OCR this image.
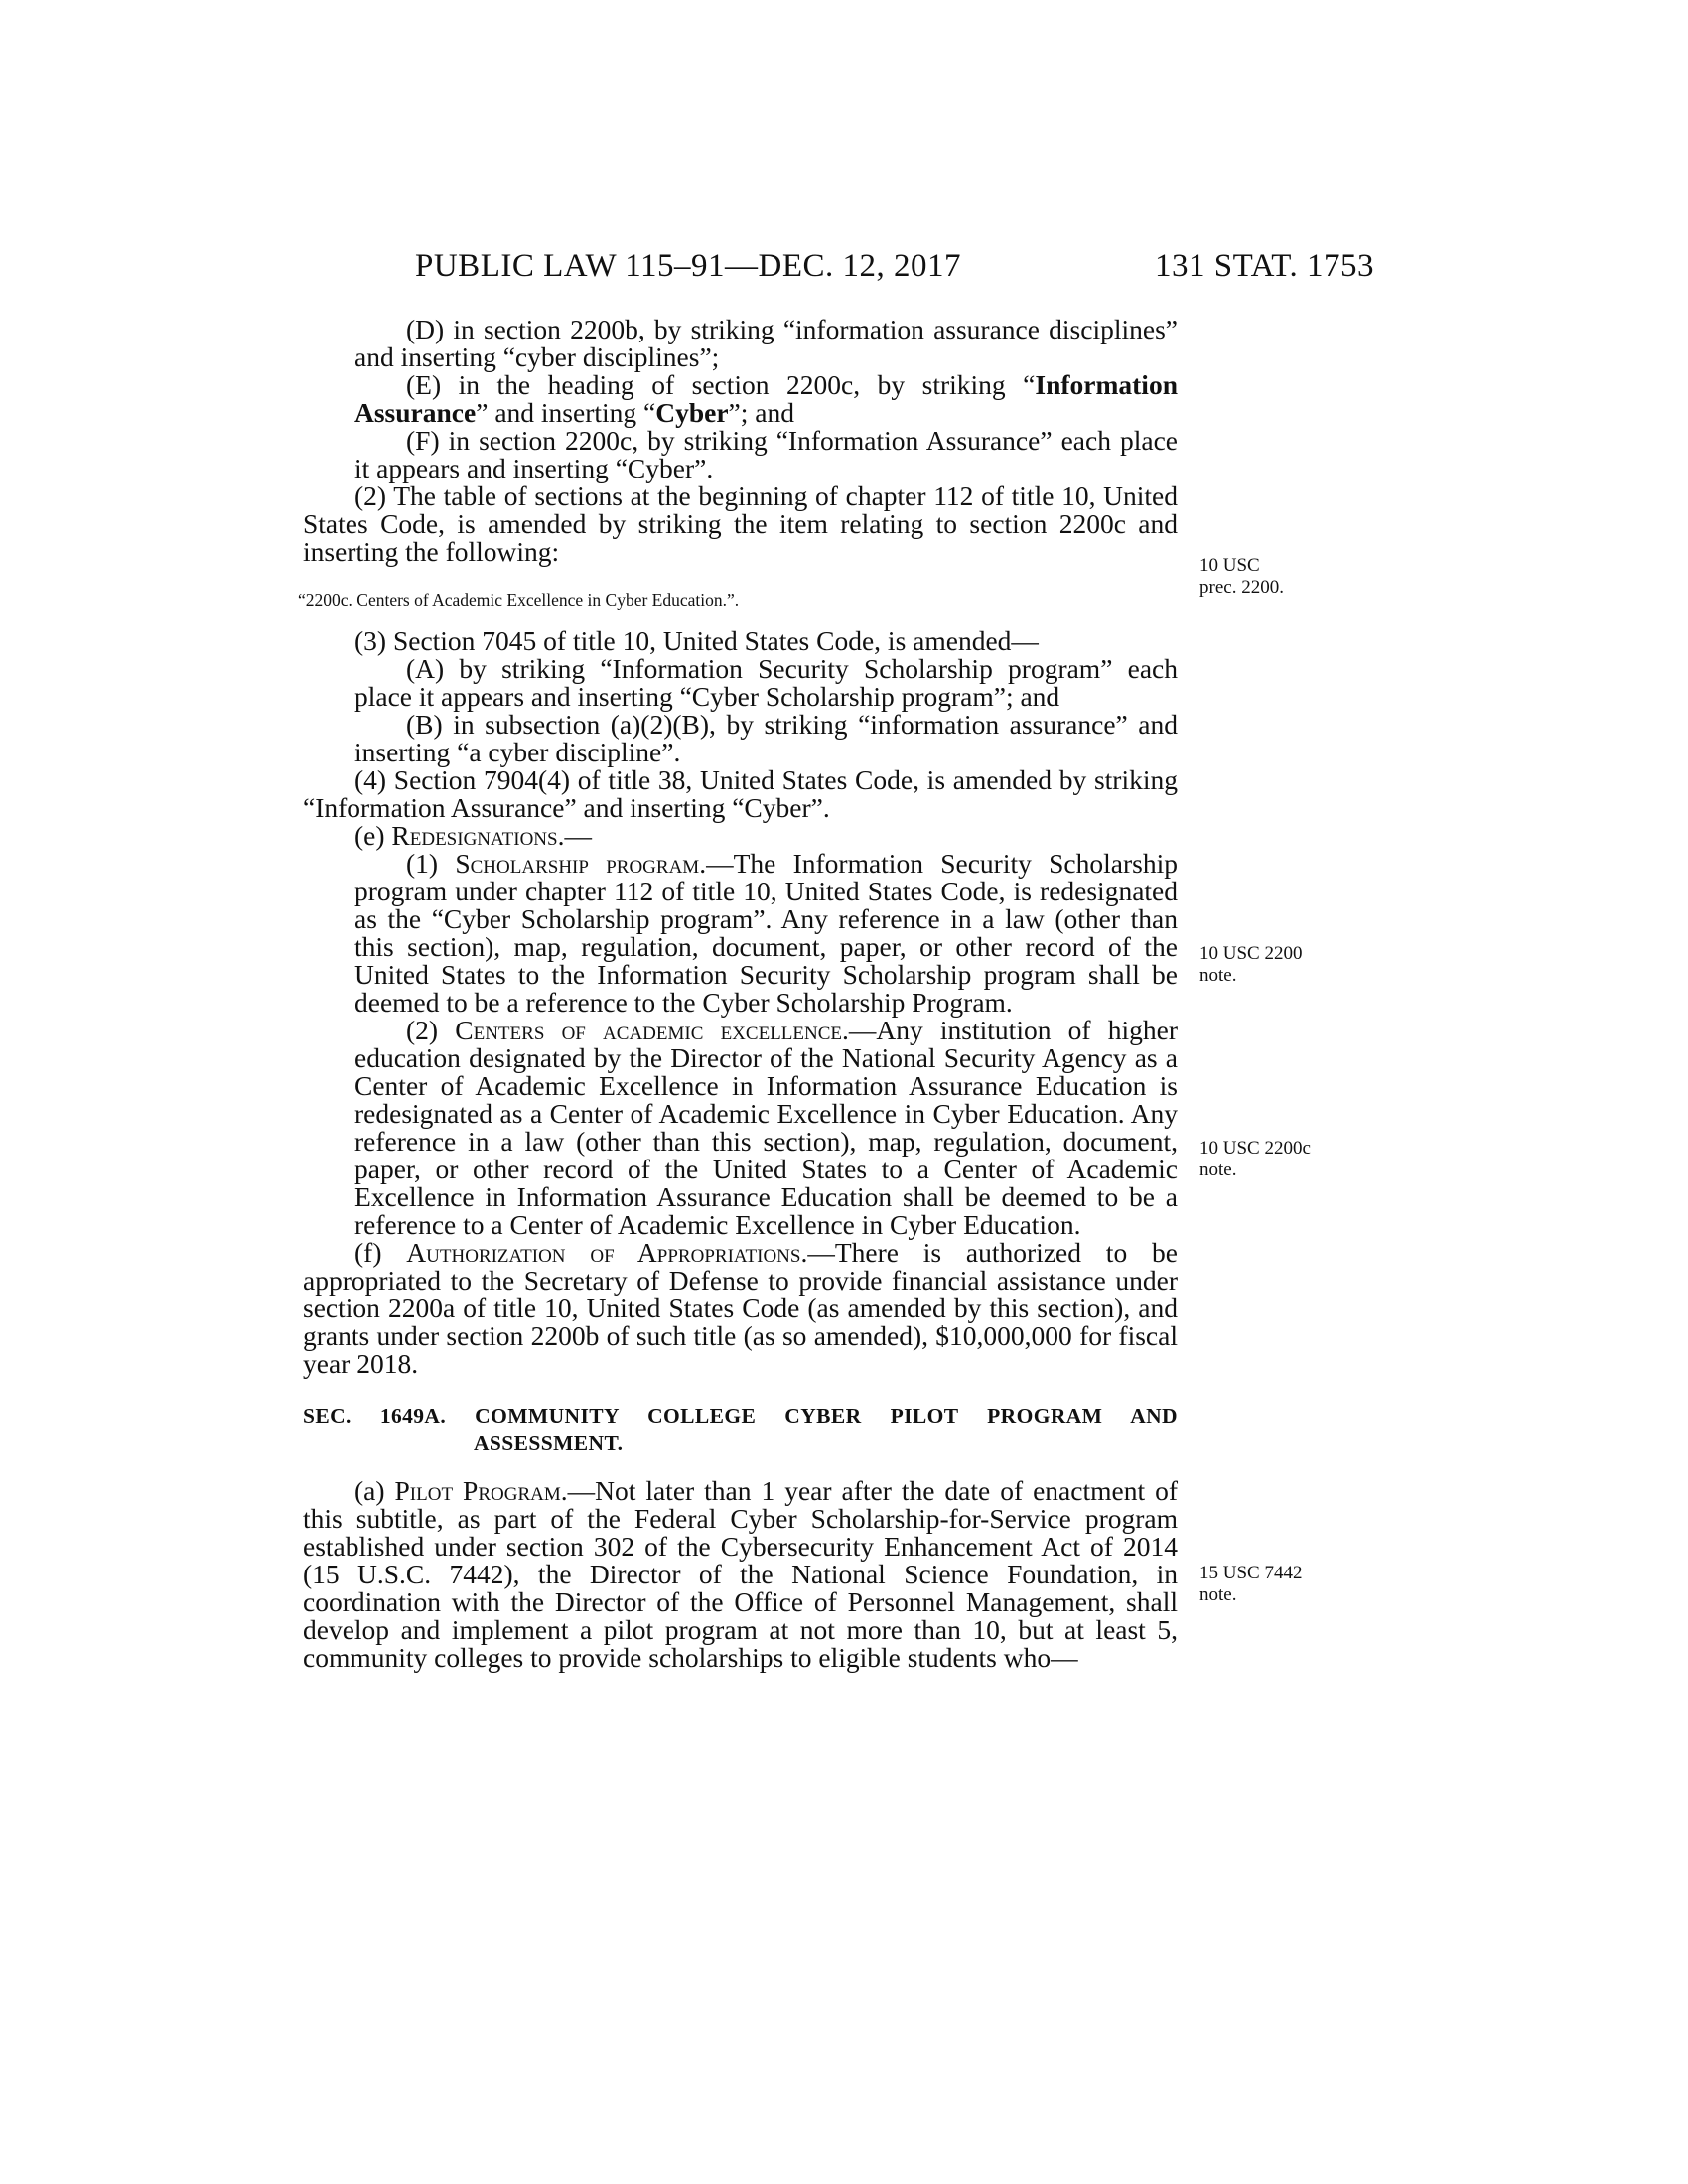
PUBLIC LAW 115–91—DEC. 12, 2017	131 STAT. 1753

(D) in section 2200b, by striking “information assurance disciplines” and inserting “cyber disciplines”;

(E) in the heading of section 2200c, by striking “Information Assurance” and inserting “Cyber”; and

(F) in section 2200c, by striking “Information Assurance” each place it appears and inserting “Cyber”.

(2) The table of sections at the beginning of chapter 112 of title 10, United States Code, is amended by striking the item relating to section 2200c and inserting the following:

“2200c. Centers of Academic Excellence in Cyber Education.”.

(3) Section 7045 of title 10, United States Code, is amended—

(A) by striking “Information Security Scholarship program” each place it appears and inserting “Cyber Scholarship program”; and

(B) in subsection (a)(2)(B), by striking “information assurance” and inserting “a cyber discipline”.

(4) Section 7904(4) of title 38, United States Code, is amended by striking “Information Assurance” and inserting “Cyber”.

(e) Redesignations.—

(1) Scholarship program.—The Information Security Scholarship program under chapter 112 of title 10, United States Code, is redesignated as the “Cyber Scholarship program”. Any reference in a law (other than this section), map, regulation, document, paper, or other record of the United States to the Information Security Scholarship program shall be deemed to be a reference to the Cyber Scholarship Program.

(2) Centers of academic excellence.—Any institution of higher education designated by the Director of the National Security Agency as a Center of Academic Excellence in Information Assurance Education is redesignated as a Center of Academic Excellence in Cyber Education. Any reference in a law (other than this section), map, regulation, document, paper, or other record of the United States to a Center of Academic Excellence in Information Assurance Education shall be deemed to be a reference to a Center of Academic Excellence in Cyber Education.

(f) Authorization of Appropriations.—There is authorized to be appropriated to the Secretary of Defense to provide financial assistance under section 2200a of title 10, United States Code (as amended by this section), and grants under section 2200b of such title (as so amended), $10,000,000 for fiscal year 2018.

SEC. 1649A. COMMUNITY COLLEGE CYBER PILOT PROGRAM AND
ASSESSMENT.

(a) Pilot Program.—Not later than 1 year after the date of enactment of this subtitle, as part of the Federal Cyber Scholarship-for-Service program established under section 302 of the Cybersecurity Enhancement Act of 2014 (15 U.S.C. 7442), the Director of the National Science Foundation, in coordination with the Director of the Office of Personnel Management, shall develop and implement a pilot program at not more than 10, but at least 5, community colleges to provide scholarships to eligible students who—

10 USC
prec. 2200.
10 USC 2200
note.
10 USC 2200c
note.
15 USC 7442
note.
